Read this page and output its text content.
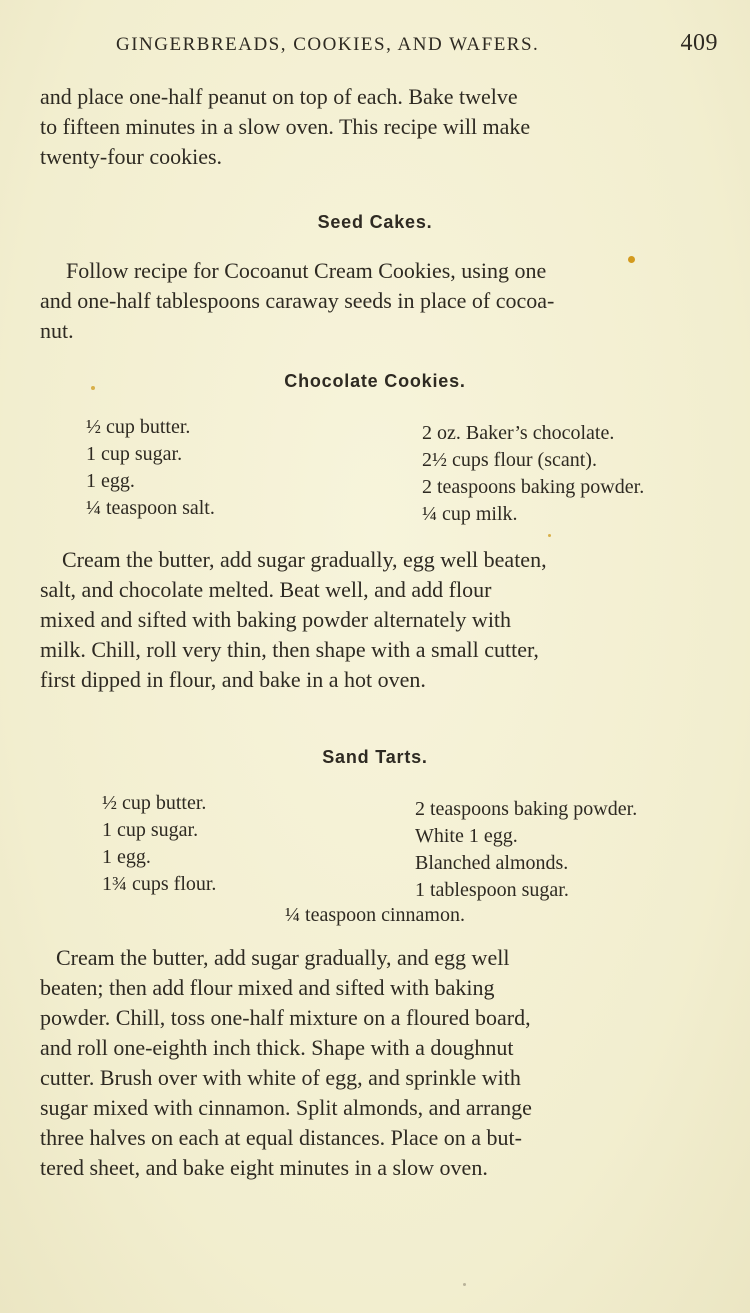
GINGERBREADS, COOKIES, AND WAFERS.	409
and place one-half peanut on top of each. Bake twelve
to fifteen minutes in a slow oven. This recipe will make
twenty-four cookies.
Seed Cakes.
Follow recipe for Cocoanut Cream Cookies, using one
and one-half tablespoons caraway seeds in place of cocoa-
nut.
Chocolate Cookies.
½ cup butter.
1 cup sugar.
1 egg.
¼ teaspoon salt.
2 oz. Baker’s chocolate.
2½ cups flour (scant).
2 teaspoons baking powder.
¼ cup milk.
Cream the butter, add sugar gradually, egg well beaten,
salt, and chocolate melted. Beat well, and add flour
mixed and sifted with baking powder alternately with
milk. Chill, roll very thin, then shape with a small cutter,
first dipped in flour, and bake in a hot oven.
Sand Tarts.
½ cup butter.
1 cup sugar.
1 egg.
1¾ cups flour.
2 teaspoons baking powder.
White 1 egg.
Blanched almonds.
1 tablespoon sugar.
¼ teaspoon cinnamon.
Cream the butter, add sugar gradually, and egg well
beaten; then add flour mixed and sifted with baking
powder. Chill, toss one-half mixture on a floured board,
and roll one-eighth inch thick. Shape with a doughnut
cutter. Brush over with white of egg, and sprinkle with
sugar mixed with cinnamon. Split almonds, and arrange
three halves on each at equal distances. Place on a but-
tered sheet, and bake eight minutes in a slow oven.
